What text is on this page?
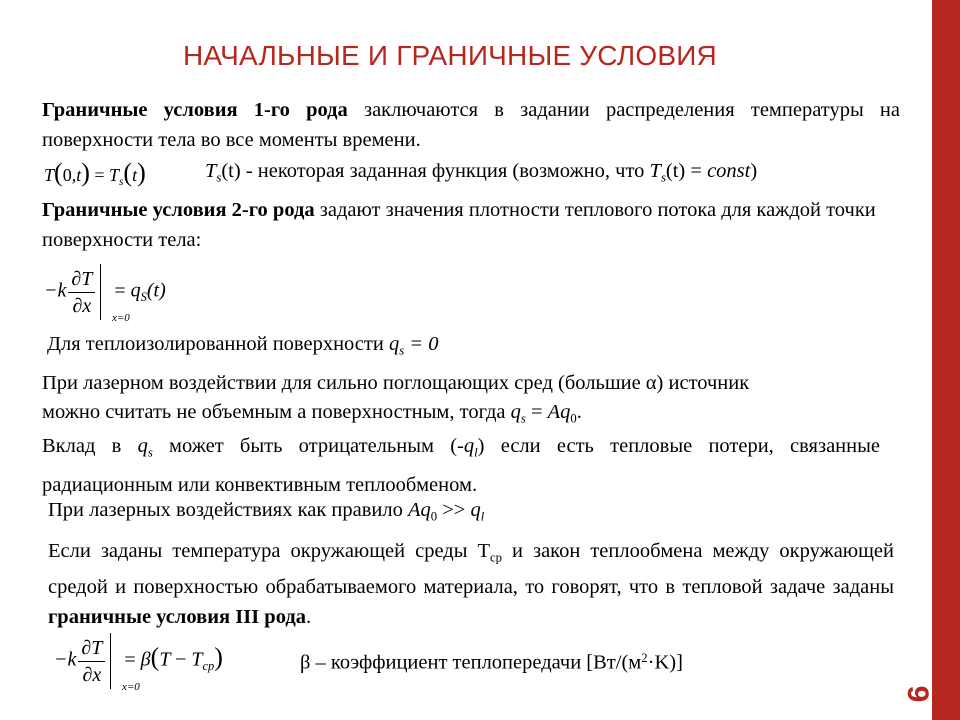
9
НАЧАЛЬНЫЕ И ГРАНИЧНЫЕ УСЛОВИЯ
Граничные условия 1-го рода заключаются в задании распределения температуры на поверхности тела во все моменты времени.
$T(0,t) = T_s(t)$	$T_s(t)$ - некоторая заданная функция (возможно, что $T_s(t)$ = const)
Граничные условия 2-го рода задают значения плотности теплового потока для каждой точки поверхности тела:
$-k \frac{\partial T}{\partial x} = q_S(t)$
x=0
Для теплоизолированной поверхности $q_s = 0$
При лазерном воздействии для сильно поглощающих сред (большие α) источник
можно считать не объемным а поверхностным, тогда $q_s = Aq_0$.
Вклад в $q_s$ может быть отрицательным $(-q_l)$ если есть тепловые потери, связанные радиационным или конвективным теплообменом.
При лазерных воздействиях как правило $Aq_0 >> q_l$
Если заданы температура окружающей среды $Т_{ср}$ и закон теплообмена между окружающей средой и поверхностью обрабатываемого материала, то говорят, что в тепловой задаче заданы граничные условия III рода.
$-k \frac{\partial T}{\partial x} = \beta(T - T_{cp})$
x=0
β – коэффициент теплопередачи $[Вт/(м^2\cdot K)]$
